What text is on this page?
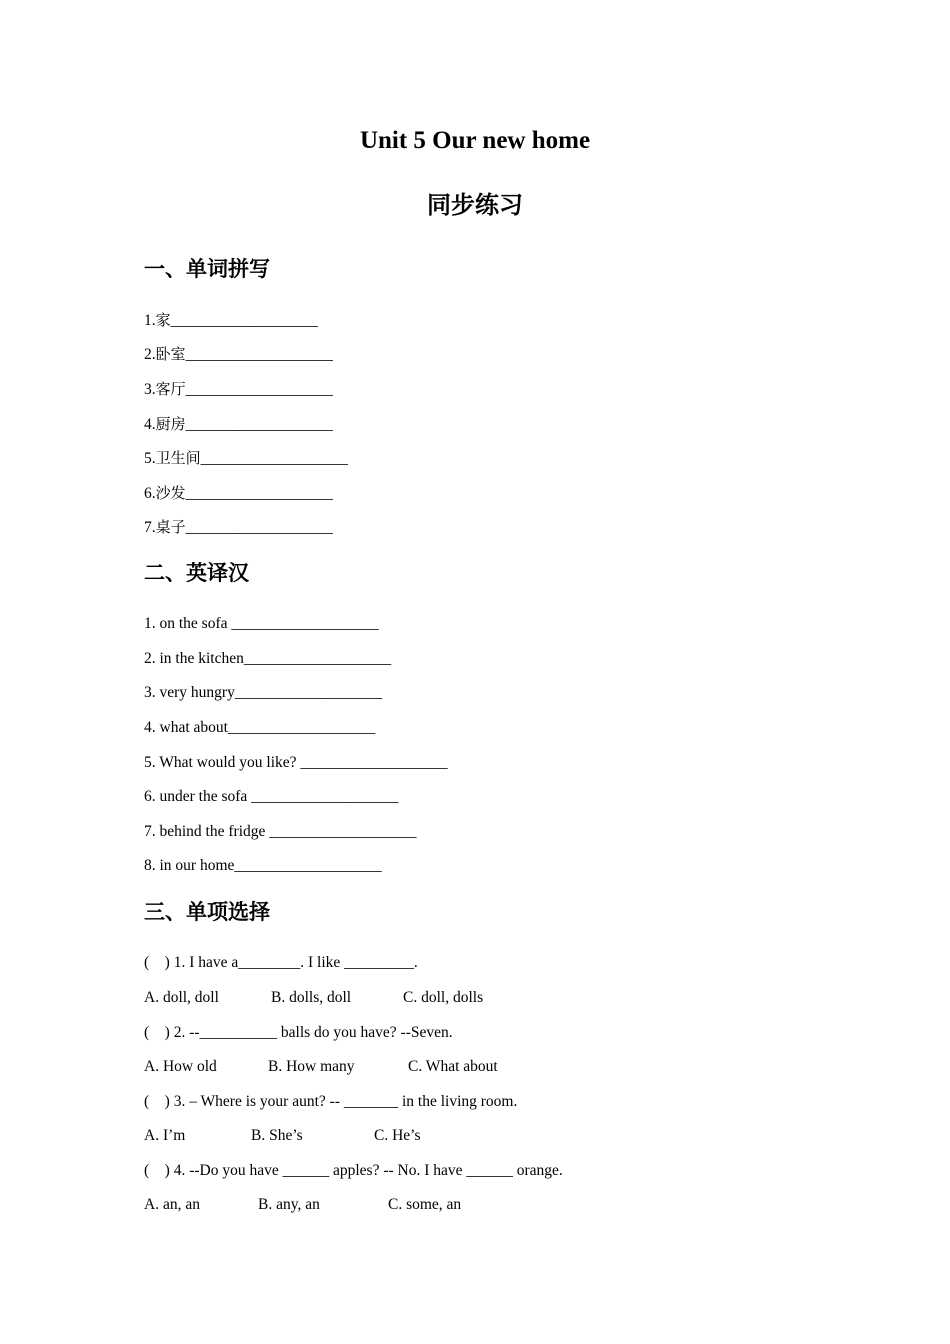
Unit 5 Our new home
同步练习
一、单词拼写
1.家___________________
2.卧室___________________
3.客厅___________________
4.厨房___________________
5.卫生间___________________
6.沙发___________________
7.桌子___________________
二、英译汉
1. on the sofa ___________________
2. in the kitchen___________________
3. very hungry___________________
4. what about___________________
5. What would you like? ___________________
6. under the sofa ___________________
7. behind the fridge ___________________
8. in our home___________________
三、单项选择
(    ) 1. I have a________. I like _________.
A. doll, doll	B. dolls, doll	C. doll, dolls
(    ) 2. --__________ balls do you have? --Seven.
A. How old	B. How many	C. What about
(    ) 3. – Where is your aunt? -- _______ in the living room.
A. I’m	B. She’s	C. He’s
(    ) 4. --Do you have ______ apples? -- No. I have ______ orange.
A. an, an	B. any, an	C. some, an
